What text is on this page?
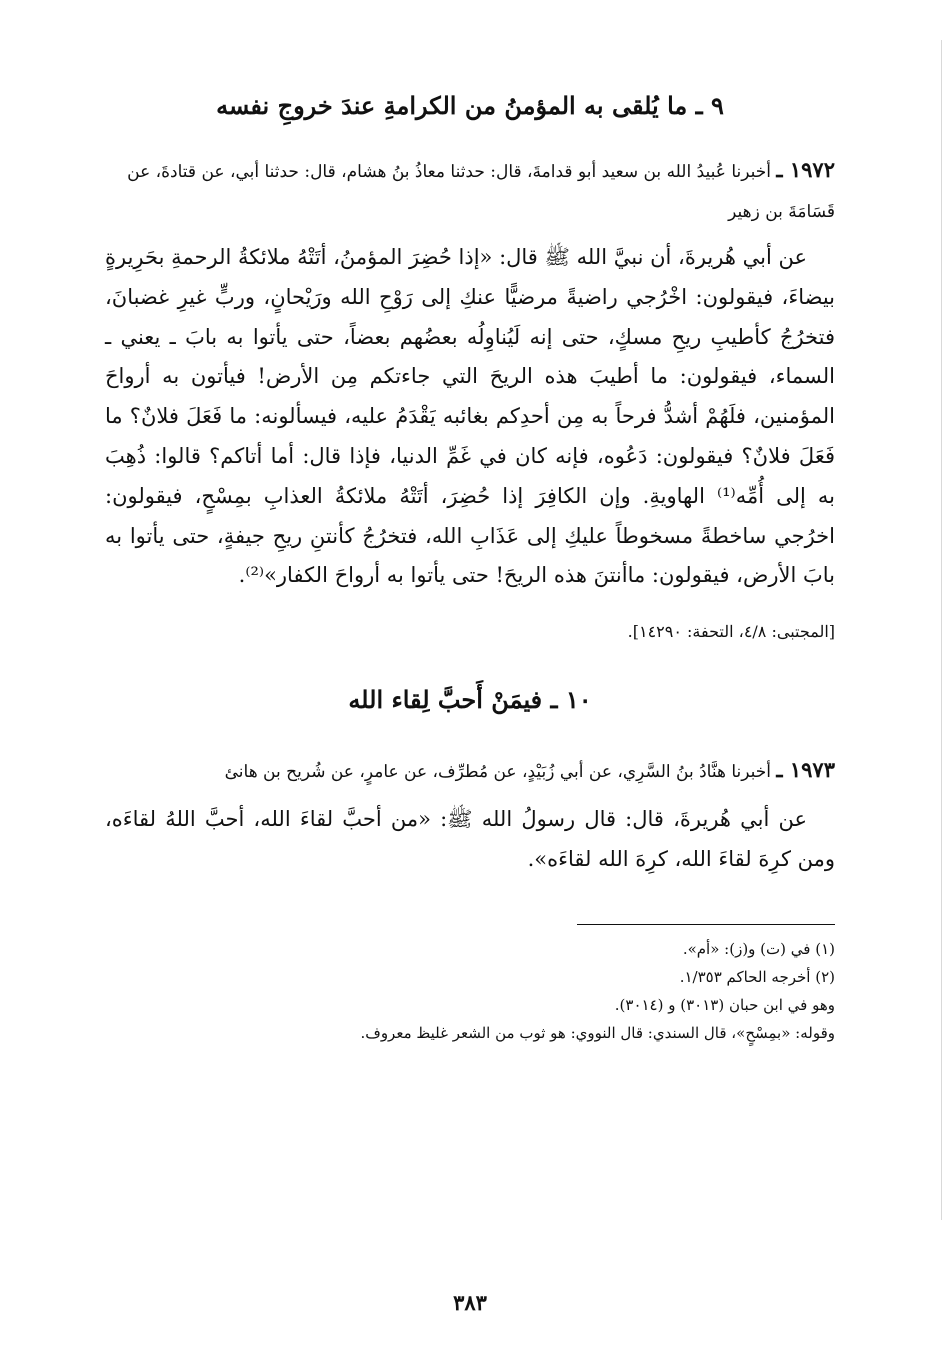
٩ ـ ما يُلقى به المؤمنُ من الكرامةِ عندَ خروجِ نفسه

١٩٧٢ ـ أخبرنا عُبيدُ الله بن سعيد أبو قدامةَ، قال: حدثنا معاذُ بنُ هشام، قال: حدثنا أبي، عن قتادةَ، عن قَسَامَةَ بن زهير

عن أبي هُريرةَ، أن نبيَّ الله ﷺ قال: «إذا حُضِرَ المؤمنُ، أتَتْهُ ملائكةُ الرحمةِ بحَرِيرةٍ بيضاءَ، فيقولون: اخْرُجي راضيةً مرضيًّا عنكِ إلى رَوْحِ الله ورَيْحانٍ، وربٍّ غيرِ غضبانَ، فتخرُجُ كأطيبِ ريحِ مسكٍ، حتى إنه لَيُناوِلُه بعضُهم بعضاً، حتى يأتوا به بابَ ـ يعني ـ السماء، فيقولون: ما أطيبَ هذه الريحَ التي جاءتكم مِن الأرض! فيأتون به أرواحَ المؤمنين، فلَهُمْ أشدُّ فرحاً به مِن أحدِكم بغائبه يَقْدَمُ عليه، فيسألونه: ما فَعَلَ فلانٌ؟ ما فَعَلَ فلانٌ؟ فيقولون: دَعُوه، فإنه كان في غَمِّ الدنيا، فإذا قال: أما أتاكم؟ قالوا: ذُهِبَ به إلى أُمِّه⁽¹⁾ الهاويةِ. وإن الكافِرَ إذا حُضِرَ، أتَتْهُ ملائكةُ العذابِ بمِسْحٍ، فيقولون: اخرُجي ساخطةً مسخوطاً عليكِ إلى عَذَابِ الله، فتخرُجُ كأنتنِ ريحِ جيفةٍ، حتى يأتوا به بابَ الأرض، فيقولون: ماأنتنَ هذه الريحَ! حتى يأتوا به أرواحَ الكفار»⁽²⁾.

[المجتبى: ٤/٨، التحفة: ١٤٢٩٠].

١٠ ـ فيمَنْ أَحبَّ لِقاء الله

١٩٧٣ ـ أخبرنا هنَّادُ بنُ السَّرِي، عن أبي زُبَيْدٍ، عن مُطرِّف، عن عامرٍ، عن شُريح بن هانئ

عن أبي هُريرةَ، قال: قال رسولُ الله ﷺ: «من أحبَّ لقاءَ الله، أحبَّ اللهُ لقاءَه، ومن كرِهَ لقاءَ الله، كرِهَ الله لقاءَه».

(١) في (ت) و(ز): «أم».

(٢) أخرجه الحاكم ١/٣٥٣.

وهو في ابن حبان (٣٠١٣) و (٣٠١٤).

وقوله: «بمِسْحٍ»، قال السندي: قال النووي: هو ثوب من الشعر غليظ معروف.

٣٨٣
